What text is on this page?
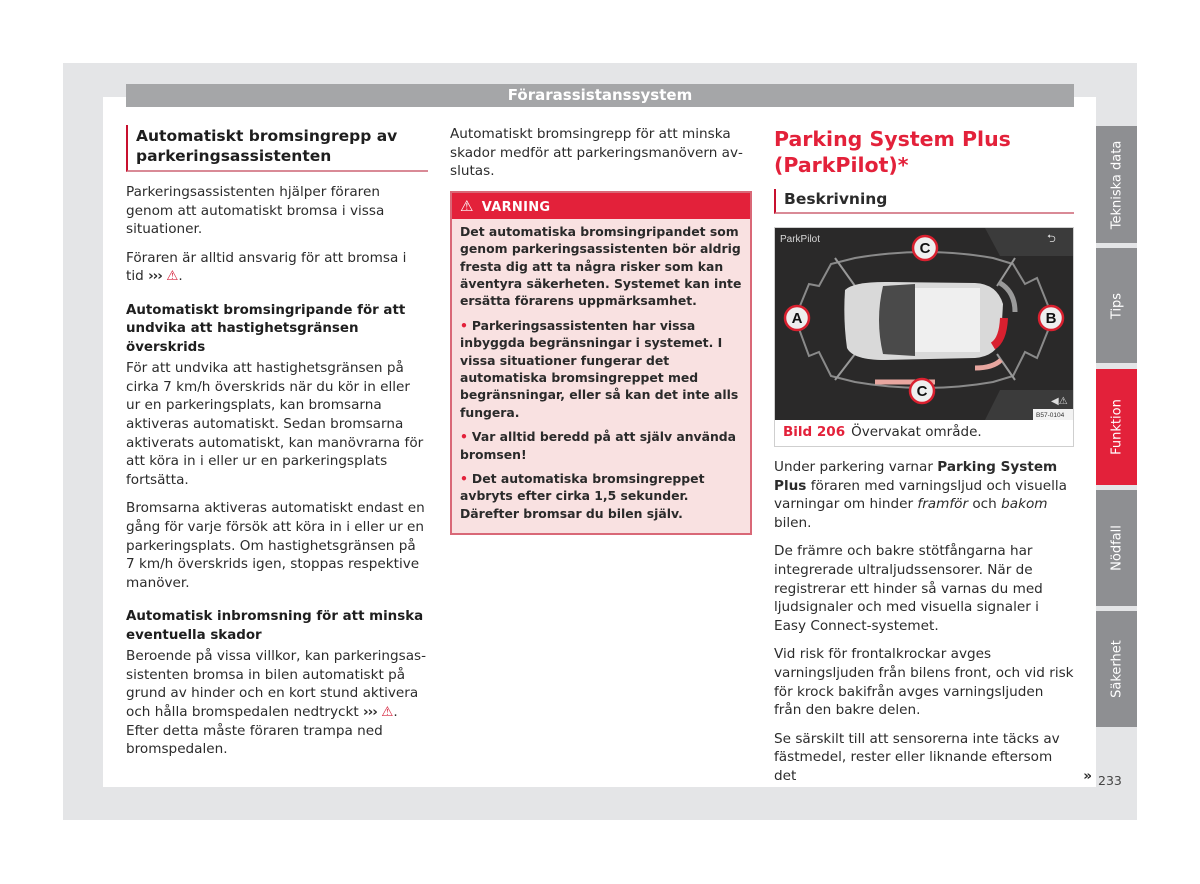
Förarassistanssystem
Automatiskt bromsingrepp av parkeringsassistenten

Parkeringsassistenten hjälper föraren genom att automatiskt bromsa i vissa situationer.

Föraren är alltid ansvarig för att bromsa i tid ››› ⚠.

Automatiskt bromsingripande för att undvika att hastighetsgränsen överskrids

För att undvika att hastighetsgränsen på cirka 7 km/h överskrids när du kör in eller ur en parkeringsplats, kan bromsarna aktiveras automatiskt. Sedan bromsarna aktiverats automatiskt, kan manövrarna för att köra in i eller ur en parkeringsplats fortsätta.

Bromsarna aktiveras automatiskt endast en gång för varje försök att köra in i eller ur en parkeringsplats. Om hastighetsgränsen på 7 km/h överskrids igen, stoppas respektive manöver.

Automatisk inbromsning för att minska eventuella skador

Beroende på vissa villkor, kan parkeringsassistenten bromsa in bilen automatiskt på grund av hinder och en kort stund aktivera och hålla bromspedalen nedtryckt ››› ⚠. Efter detta måste föraren trampa ned bromspedalen.

Automatiskt bromsingrepp för att minska skador medför att parkeringsmanövern avslutas.

⚠ VARNING

Det automatiska bromsingripandet som genom parkeringsassistenten bör aldrig fresta dig att ta några risker som kan äventyra säkerheten. Systemet kan inte ersätta förarens uppmärksamhet.

• Parkeringsassistenten har vissa inbyggda begränsningar i systemet. I vissa situationer fungerar det automatiska bromsingreppet med begränsningar, eller så kan det inte alls fungera.

• Var alltid beredd på att själv använda bromsen!

• Det automatiska bromsingreppet avbryts efter cirka 1,5 sekunder. Därefter bromsar du bilen själv.

Parking System Plus (ParkPilot)*
Beskrivning
ParkPilot	⮌
A	B
C
C
◀⚠
B57-0104
Bild 206 Övervakat område.

Under parkering varnar Parking System Plus föraren med varningsljud och visuella varningar om hinder framför och bakom bilen.

De främre och bakre stötfångarna har integrerade ultraljudssensorer. När de registrerar ett hinder så varnas du med ljudsignaler och med visuella signaler i Easy Connect-systemet.

Vid risk för frontalkrockar avges varningsljuden från bilens front, och vid risk för krock bakifrån avges varningsljuden från den bakre delen.

Se särskilt till att sensorerna inte täcks av fästmedel, rester eller liknande eftersom det	»

Tekniska data
Tips
Funktion
Nödfall
Säkerhet
233
